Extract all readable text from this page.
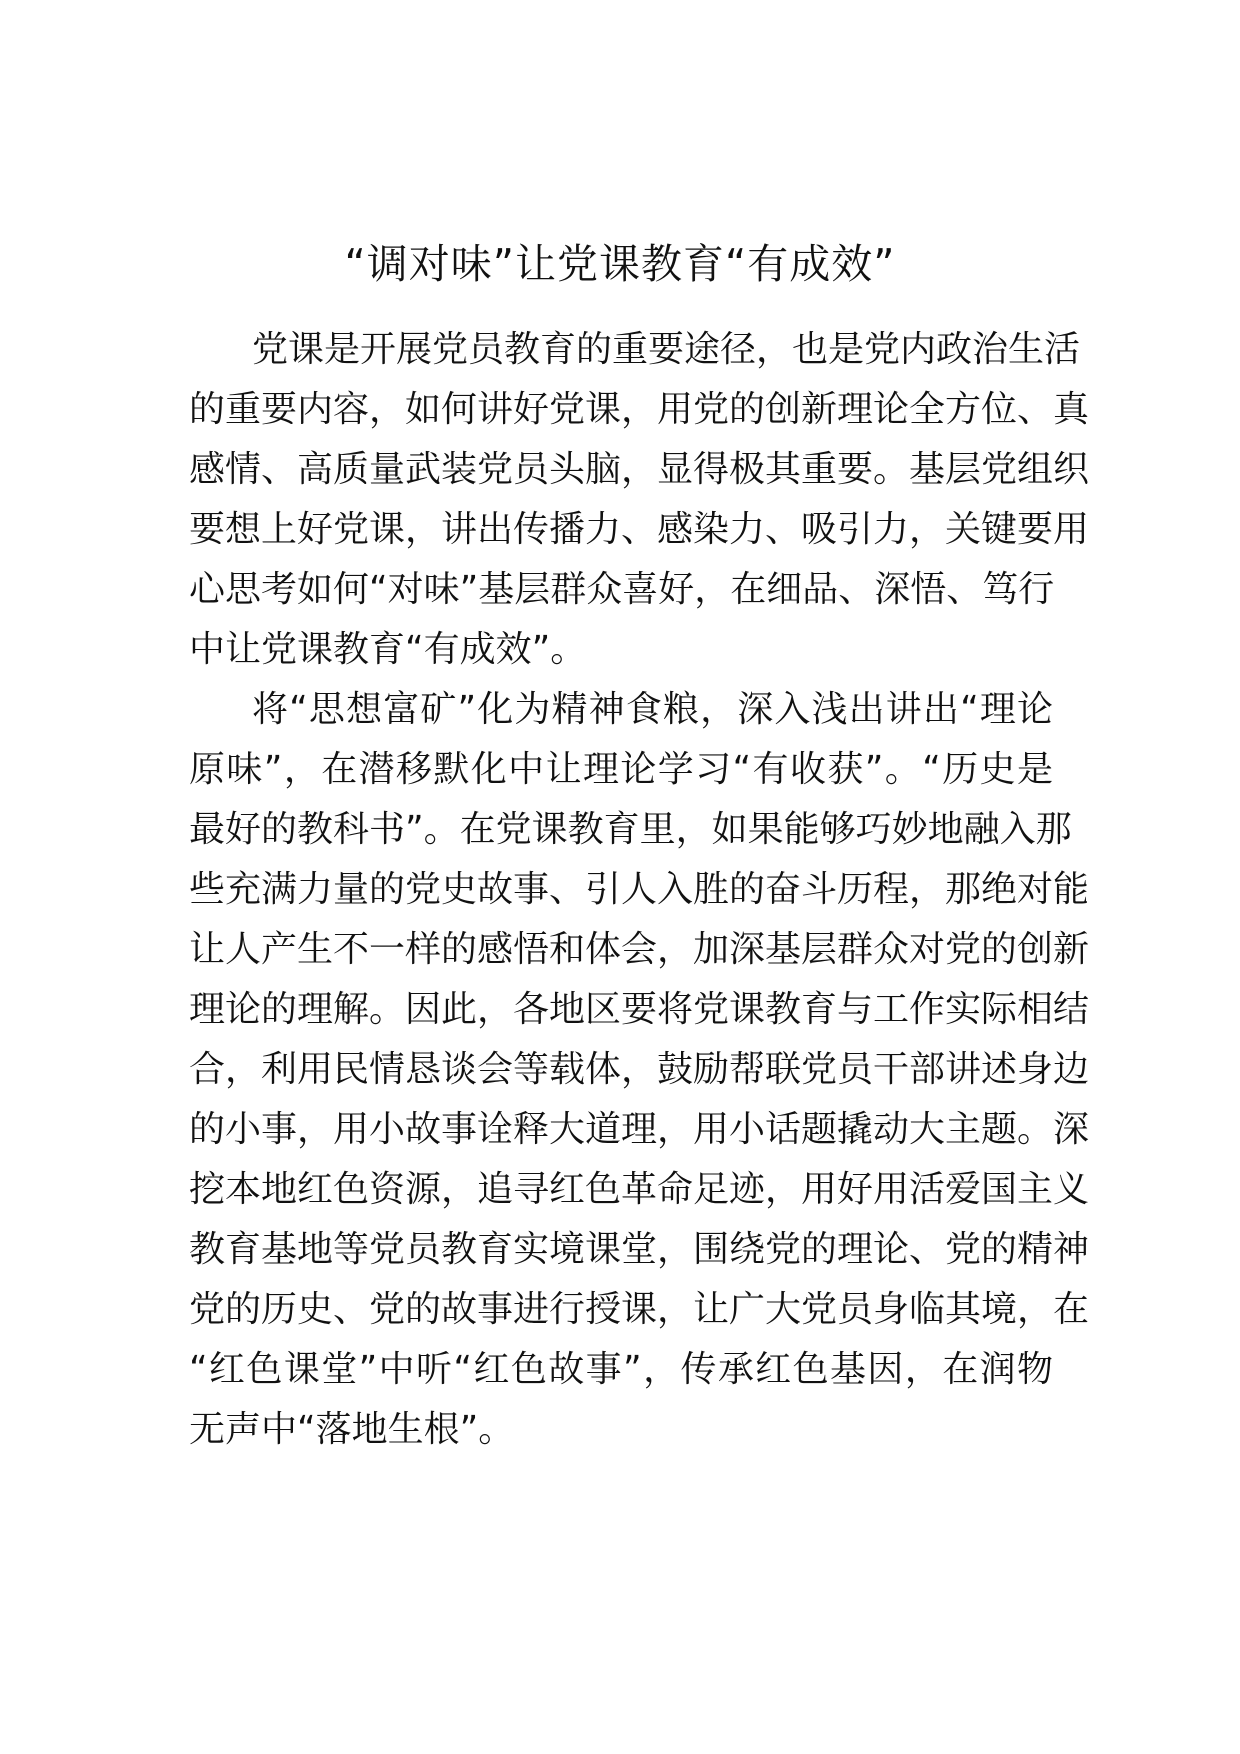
“调对味”让党课教育“有成效”

党课是开展党员教育的重要途径，也是党内政治生活

的重要内容，如何讲好党课，用党的创新理论全方位、真

感情、高质量武装党员头脑，显得极其重要。基层党组织

要想上好党课，讲出传播力、感染力、吸引力，关键要用

心思考如何“对味”基层群众喜好，在细品、深悟、笃行

中让党课教育“有成效”。

将“思想富矿”化为精神食粮，深入浅出讲出“理论

原味”，在潜移默化中让理论学习“有收获”。“历史是

最好的教科书”。在党课教育里，如果能够巧妙地融入那

些充满力量的党史故事、引人入胜的奋斗历程，那绝对能

让人产生不一样的感悟和体会，加深基层群众对党的创新

理论的理解。因此，各地区要将党课教育与工作实际相结

合，利用民情恳谈会等载体，鼓励帮联党员干部讲述身边

的小事，用小故事诠释大道理，用小话题撬动大主题。深

挖本地红色资源，追寻红色革命足迹，用好用活爱国主义

教育基地等党员教育实境课堂，围绕党的理论、党的精神

党的历史、党的故事进行授课，让广大党员身临其境，在

“红色课堂”中听“红色故事”，传承红色基因，在润物

无声中“落地生根”。
